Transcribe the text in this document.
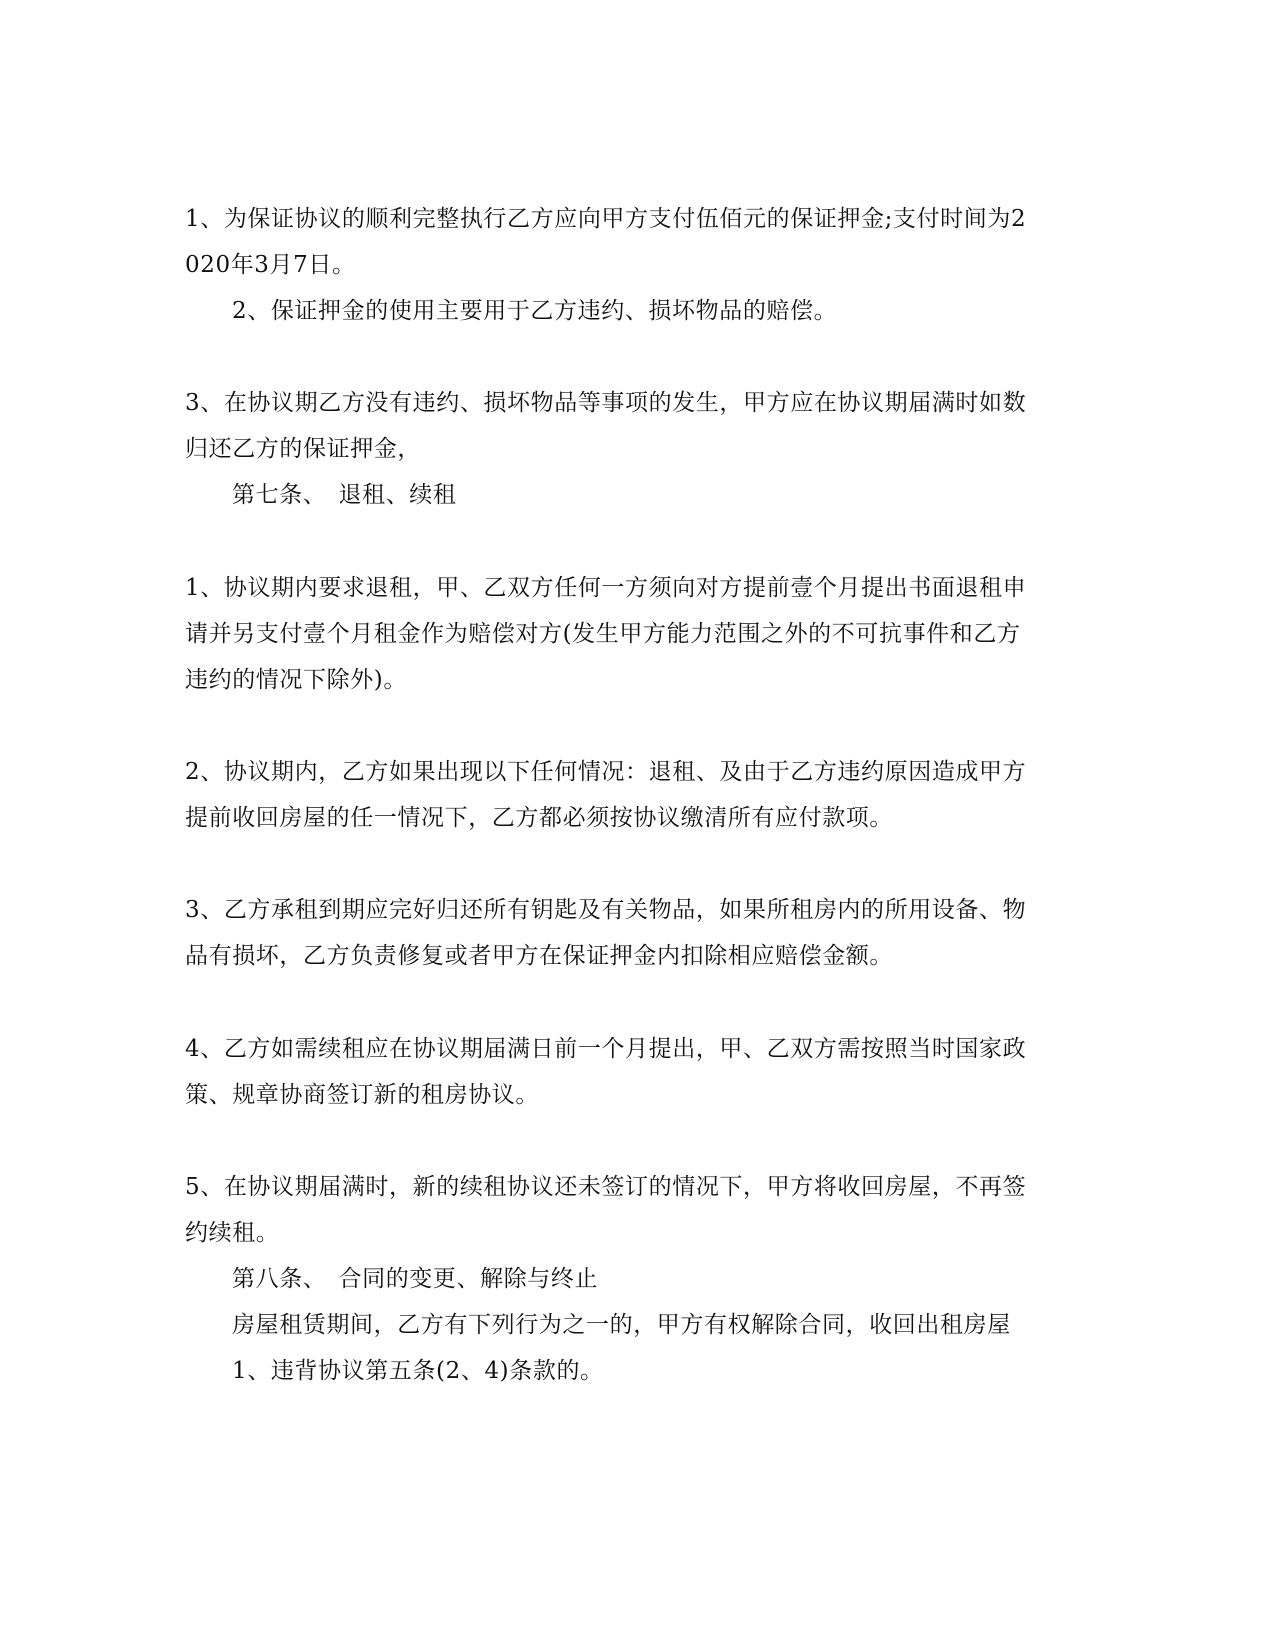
1、为保证协议的顺利完整执行乙方应向甲方支付伍佰元的保证押金;支付时间为2

020年3月7日。

2、保证押金的使用主要用于乙方违约、损坏物品的赔偿。

3、在协议期乙方没有违约、损坏物品等事项的发生，甲方应在协议期届满时如数

归还乙方的保证押金，

第七条、　退租、续租

1、协议期内要求退租，甲、乙双方任何一方须向对方提前壹个月提出书面退租申

请并另支付壹个月租金作为赔偿对方(发生甲方能力范围之外的不可抗事件和乙方

违约的情况下除外)。

2、协议期内，乙方如果出现以下任何情况：退租、及由于乙方违约原因造成甲方

提前收回房屋的任一情况下，乙方都必须按协议缴清所有应付款项。

3、乙方承租到期应完好归还所有钥匙及有关物品，如果所租房内的所用设备、物

品有损坏，乙方负责修复或者甲方在保证押金内扣除相应赔偿金额。

4、乙方如需续租应在协议期届满日前一个月提出，甲、乙双方需按照当时国家政

策、规章协商签订新的租房协议。

5、在协议期届满时，新的续租协议还未签订的情况下，甲方将收回房屋，不再签

约续租。

第八条、　合同的变更、解除与终止

房屋租赁期间，乙方有下列行为之一的，甲方有权解除合同，收回出租房屋

1、违背协议第五条(2、4)条款的。
